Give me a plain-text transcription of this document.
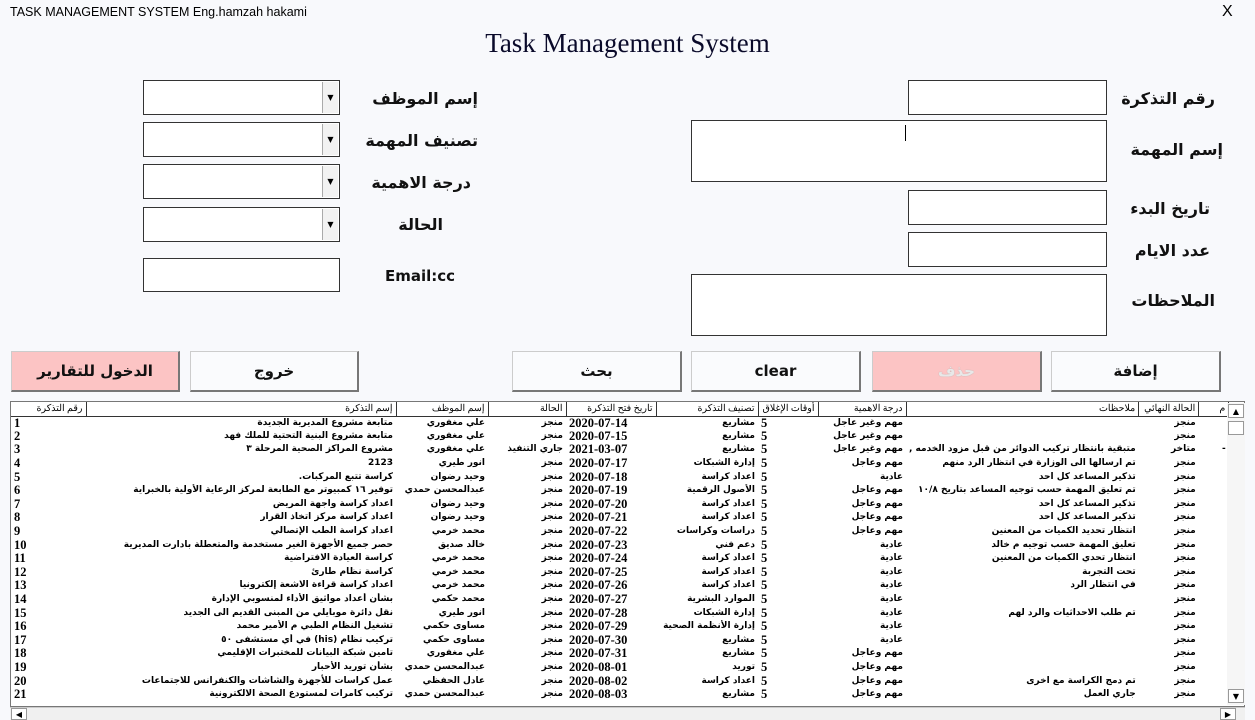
TASK MANAGEMENT SYSTEM Eng.hamzah hakami	X
Task Management System
رقم التذكرة
إسم المهمة
تاريخ البدء
عدد الايام
الملاحظات
إسم الموظف
▼
تصنيف المهمة
▼
درجة الاهمية
▼
الحالة
▼
Email:cc
إضافة
حذف
clear
بحث
خروج
الدخول للتقارير
رقم التذكرة	إسم التذكرة	إسم الموظف	الحالة	تاريخ فتح التذكرة	تصنيف التذكرة	أوقات الإغلاق	درجة الاهمية	ملاحظات	الحالة النهائي	م
1	متابعة مشروع المديرية الجديدة	علي مغفوري	منجز	2020-07-14	مشاريع	5	مهم وغير عاجل		منجز	
2	متابعة مشروع البنية التحتية للملك فهد	علي مغفوري	منجز	2020-07-15	مشاريع	5	مهم وغير عاجل		منجز	
3	مشروع المراكز الصحية المرحلة ٣	علي مغفوري	جاري التنفيذ	2021-03-07	مشاريع	5	مهم وغير عاجل	متبقية بانتظار تركيب الدوائر من قبل مزود الخدمه ,	متاخر	-
4	2123	انور طيري	منجز	2020-07-17	إدارة الشبكات	5	مهم وعاجل	تم ارسالها الى الوزارة في انتظار الرد منهم	منجز	
5	كراسة تتبع المركبات.	وحيد رضوان	منجز	2020-07-18	اعداد كراسة	5	عادية	تذكير المساعد كل احد	منجز	
6	توفير ١٦ كمبيوتر مع الطابعة لمركز الرعاية الأولية بالخبراية	عبدالمحسن حمدي	منجز	2020-07-19	الأصول الرقمية	5	مهم وعاجل	تم تعليق المهمة حسب توجيه المساعد بتاريخ ١٠/٨	منجز	
7	اعداد كراسة واجهة المريض	وحيد رضوان	منجز	2020-07-20	اعداد كراسة	5	مهم وعاجل	تذكير المساعد كل احد	منجز	
8	اعداد كراسة مركز اتخاذ القرار	وحيد رضوان	منجز	2020-07-21	اعداد كراسة	5	مهم وعاجل	تذكير المساعد كل احد	منجز	
9	اعداد كراسة الطب الإتصالي	محمد خرمي	منجز	2020-07-22	دراسات وكراسات	5	مهم وعاجل	انتظار تحديد الكميات من المعنين	منجز	
10	حصر جميع الأجهزة الغير مستخدمة والمتعطلة بادارت المديرية	خالد صديق	منجز	2020-07-23	دعم فني	5	عادية	تعليق المهمة حسب توجيه م خالد	منجز	
11	كراسة العيادة الافتراضية	محمد خرمي	منجز	2020-07-24	اعداد كراسة	5	عادية	انتظار تحدي الكميات من المعنين	منجز	
12	كراسة نظام طارئ	محمد خرمي	منجز	2020-07-25	اعداد كراسة	5	عادية	تحت التجربة	منجز	
13	اعداد كراسة قراءة الاشعة إلكترونيا	محمد خرمي	منجز	2020-07-26	اعداد كراسة	5	عادية	في انتظار الرد	منجز	
14	بشأن أعداد مواثيق الأداء لمنسوبي الإدارة	محمد حكمي	منجز	2020-07-27	الموارد البشرية	5	عادية		منجز	
15	نقل دائرة موبايلي من المبنى القديم الى الجديد	انور طيري	منجز	2020-07-28	إدارة الشبكات	5	عادية	تم طلب الاحداثيات والرد لهم	منجز	
16	تشغيل النظام الطبي م الأمير محمد	مساوى حكمي	منجز	2020-07-29	إدارة الأنظمة الصحية	5	عادية		منجز	
17	تركيب نظام (his) في أي مستشفى ٥٠	مساوى حكمي	منجز	2020-07-30	مشاريع	5	عادية		منجز	
18	تامين شبكة البيانات للمختبرات الإقليمي	علي مغفوري	منجز	2020-07-31	مشاريع	5	مهم وعاجل		منجز	
19	بشأن توريد الأحبار	عبدالمحسن حمدي	منجز	2020-08-01	توريد	5	مهم وعاجل		منجز	
20	عمل كراسات للأجهزة والشاشات والكنفرانس للاجتماعات	عادل الحفظي	منجز	2020-08-02	اعداد كراسة	5	مهم وعاجل	تم دمج الكراسة مع اخرى	منجز	
21	تركيب كامرات لمستودع الصحة الالكترونية	عبدالمحسن حمدي	منجز	2020-08-03	مشاريع	5	مهم وعاجل	جاري العمل	منجز	
▲
▼
◀	▶
